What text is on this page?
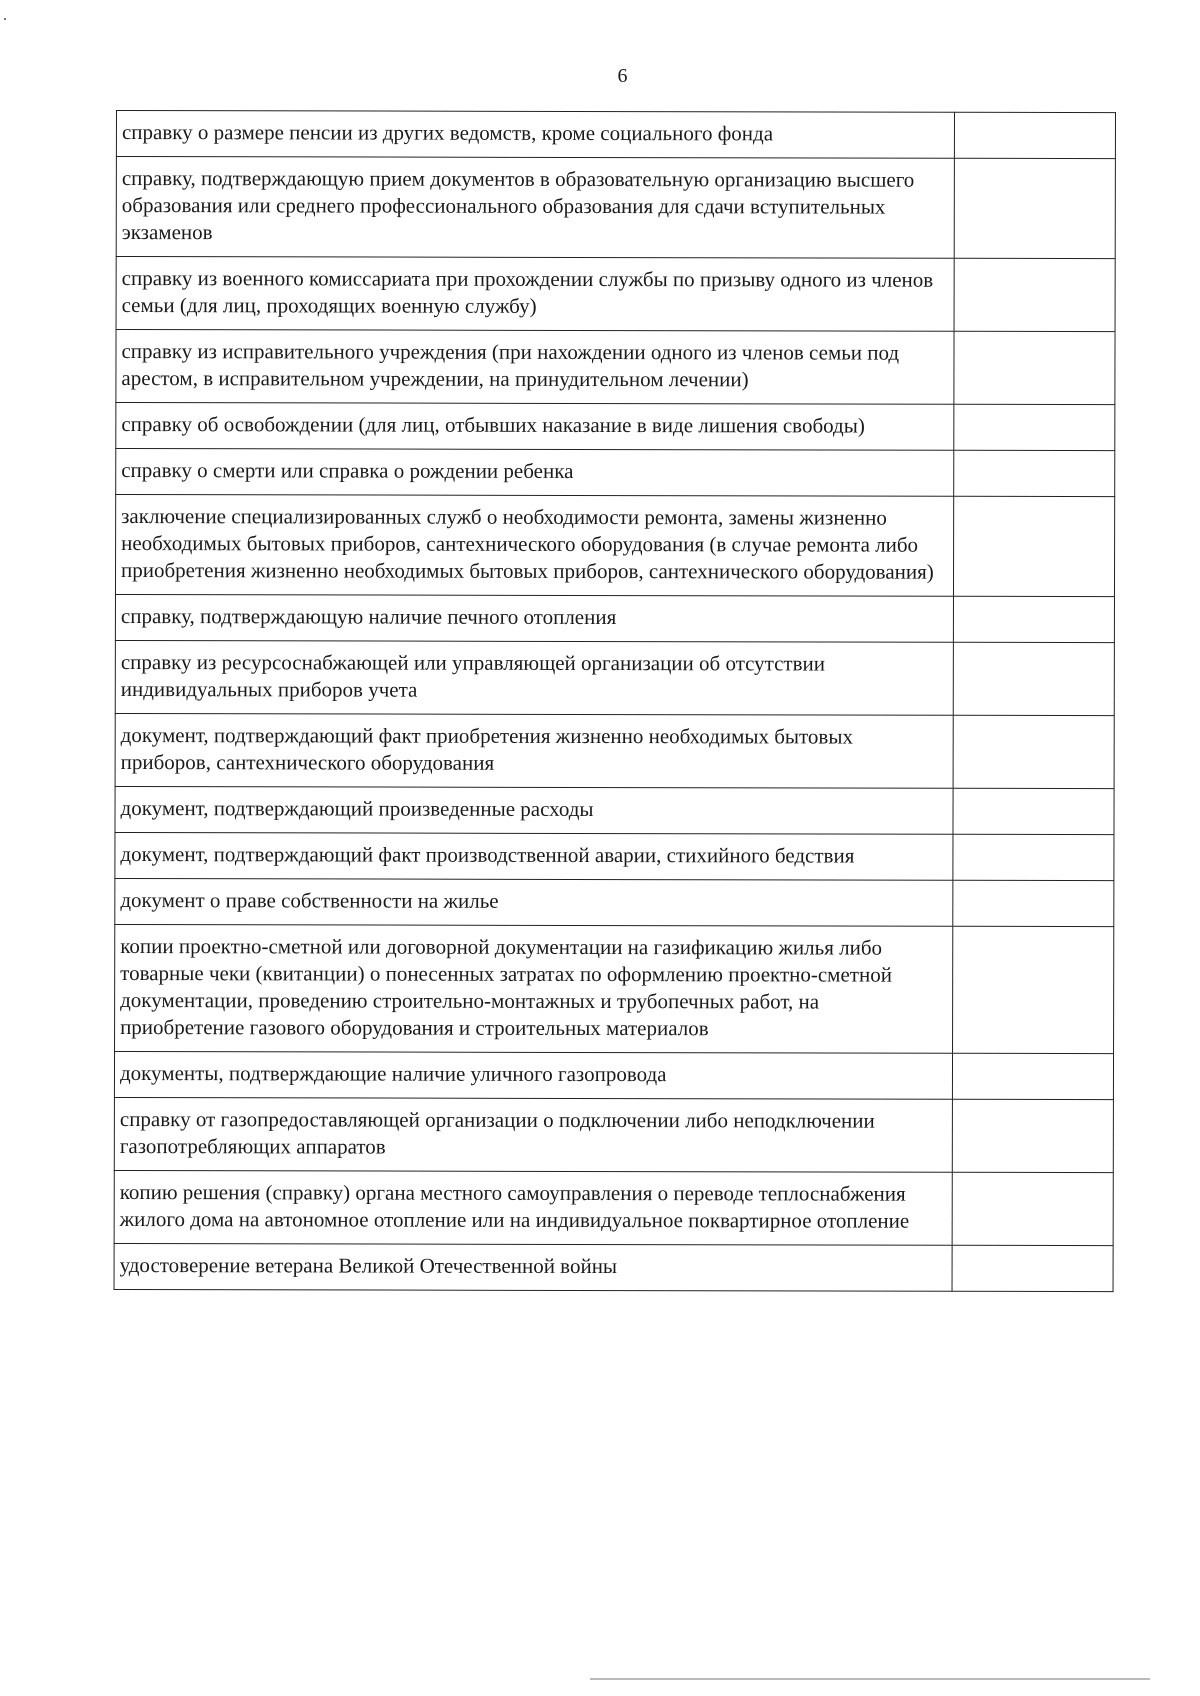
6
справку о размере пенсии из других ведомств, кроме социального фонда	
справку, подтверждающую прием документов в образовательную организацию высшего образования или среднего профессионального образования для сдачи вступительных экзаменов	
справку из военного комиссариата при прохождении службы по призыву одного из членов семьи (для лиц, проходящих военную службу)	
справку из исправительного учреждения (при нахождении одного из членов семьи под арестом, в исправительном учреждении, на принудительном лечении)	
справку об освобождении (для лиц, отбывших наказание в виде лишения свободы)	
справку о смерти или справка о рождении ребенка	
заключение специализированных служб о необходимости ремонта, замены жизненно необходимых бытовых приборов, сантехнического оборудования (в случае ремонта либо приобретения жизненно необходимых бытовых приборов, сантехнического оборудования)	
справку, подтверждающую наличие печного отопления	
справку из ресурсоснабжающей или управляющей организации об отсутствии индивидуальных приборов учета	
документ, подтверждающий факт приобретения жизненно необходимых бытовых приборов, сантехнического оборудования	
документ, подтверждающий произведенные расходы	
документ, подтверждающий факт производственной аварии, стихийного бедствия	
документ о праве собственности на жилье	
копии проектно-сметной или договорной документации на газификацию жилья либо товарные чеки (квитанции) о понесенных затратах по оформлению проектно-сметной документации, проведению строительно-монтажных и трубопечных работ, на приобретение газового оборудования и строительных материалов	
документы, подтверждающие наличие уличного газопровода	
справку от газопредоставляющей организации о подключении либо неподключении газопотребляющих аппаратов	
копию решения (справку) органа местного самоуправления о переводе теплоснабжения жилого дома на автономное отопление или на индивидуальное поквартирное отопление	
удостоверение ветерана Великой Отечественной войны	
